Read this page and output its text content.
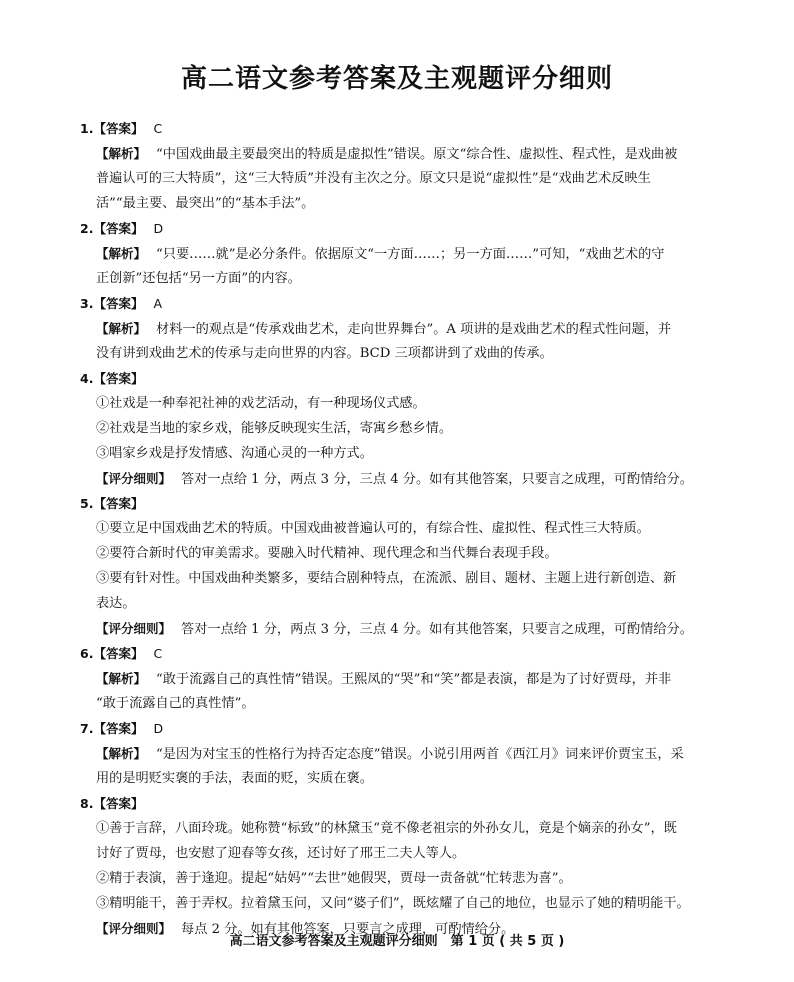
高二语文参考答案及主观题评分细则
1.【答案】 C
【解析】 “中国戏曲最主要最突出的特质是虚拟性”错误。原文“综合性、虚拟性、程式性，是戏曲被
普遍认可的三大特质”，这“三大特质”并没有主次之分。原文只是说“虚拟性”是“戏曲艺术反映生
活”“最主要、最突出”的“基本手法”。
2.【答案】 D
【解析】 “只要……就”是必分条件。依据原文“一方面……；另一方面……”可知，“戏曲艺术的守
正创新”还包括“另一方面”的内容。
3.【答案】 A
【解析】 材料一的观点是“传承戏曲艺术，走向世界舞台”。A 项讲的是戏曲艺术的程式性问题，并
没有讲到戏曲艺术的传承与走向世界的内容。BCD 三项都讲到了戏曲的传承。
4.【答案】
①社戏是一种奉祀社神的戏艺活动，有一种现场仪式感。
②社戏是当地的家乡戏，能够反映现实生活，寄寓乡愁乡情。
③唱家乡戏是抒发情感、沟通心灵的一种方式。
【评分细则】 答对一点给 1 分，两点 3 分，三点 4 分。如有其他答案，只要言之成理，可酌情给分。
5.【答案】
①要立足中国戏曲艺术的特质。中国戏曲被普遍认可的，有综合性、虚拟性、程式性三大特质。
②要符合新时代的审美需求。要融入时代精神、现代理念和当代舞台表现手段。
③要有针对性。中国戏曲种类繁多，要结合剧种特点，在流派、剧目、题材、主题上进行新创造、新
表达。
【评分细则】 答对一点给 1 分，两点 3 分，三点 4 分。如有其他答案，只要言之成理，可酌情给分。
6.【答案】 C
【解析】 “敢于流露自己的真性情”错误。王熙凤的“哭”和“笑”都是表演，都是为了讨好贾母，并非
“敢于流露自己的真性情”。
7.【答案】 D
【解析】 “是因为对宝玉的性格行为持否定态度”错误。小说引用两首《西江月》词来评价贾宝玉，采
用的是明贬实褒的手法，表面的贬，实质在褒。
8.【答案】
①善于言辞，八面玲珑。她称赞“标致”的林黛玉“竟不像老祖宗的外孙女儿，竟是个嫡亲的孙女”，既
讨好了贾母，也安慰了迎春等女孩，还讨好了邢王二夫人等人。
②精于表演，善于逢迎。提起“姑妈”“去世”她假哭，贾母一责备就“忙转悲为喜”。
③精明能干，善于弄权。拉着黛玉问，又问“婆子们”，既炫耀了自己的地位，也显示了她的精明能干。
【评分细则】 每点 2 分。如有其他答案，只要言之成理，可酌情给分。
高二语文参考答案及主观题评分细则　第 1 页 ( 共 5 页 )
